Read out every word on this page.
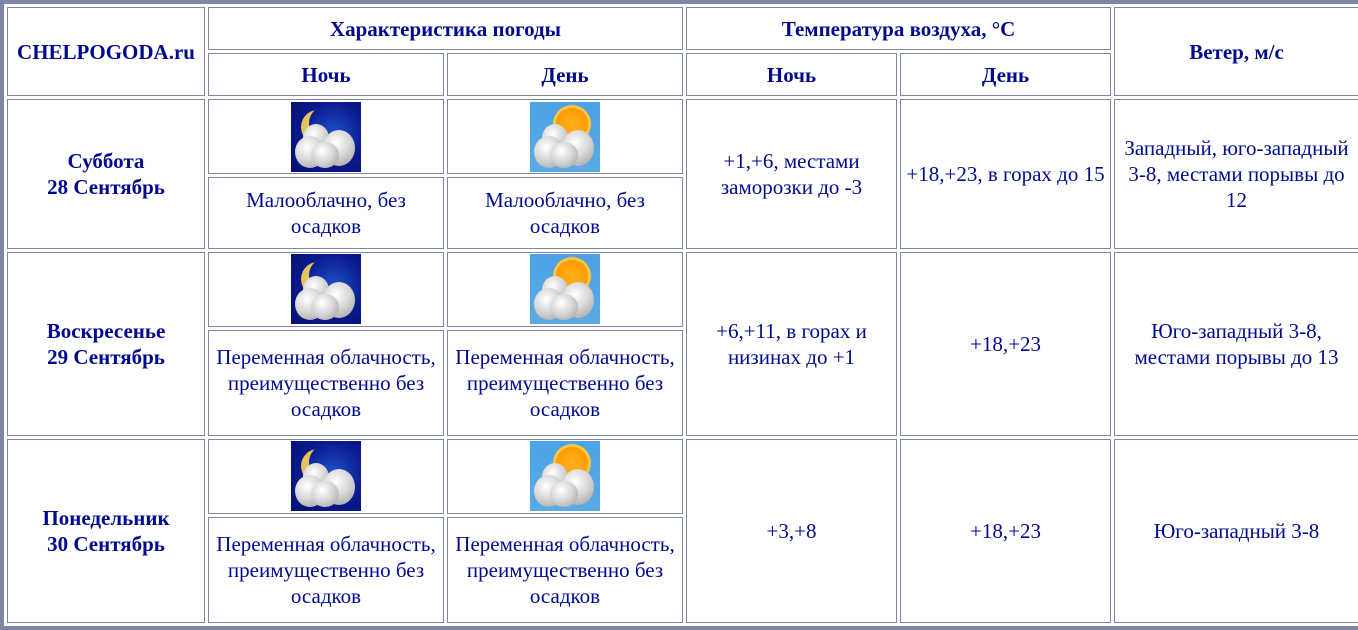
CHELPOGODA.ru	Характеристика погоды		Температура воздуха, °C		Ветер, м/с
	Ночь	День	Ночь	День	
Суббота
28 Сентябрь			+1,+6, местами заморозки до -3	+18,+23, в горах до 15	Западный, юго-западный 3-8, местами порывы до 12
	Малооблачно, без осадков	Малооблачно, без осадков			
Воскресенье
29 Сентябрь			+6,+11, в горах и низинах до +1	+18,+23	Юго-западный 3-8, местами порывы до 13
	Переменная облачность, преимущественно без осадков	Переменная облачность, преимущественно без осадков			
Понедельник
30 Сентябрь			+3,+8	+18,+23	Юго-западный 3-8
	Переменная облачность, преимущественно без осадков	Переменная облачность, преимущественно без осадков			
